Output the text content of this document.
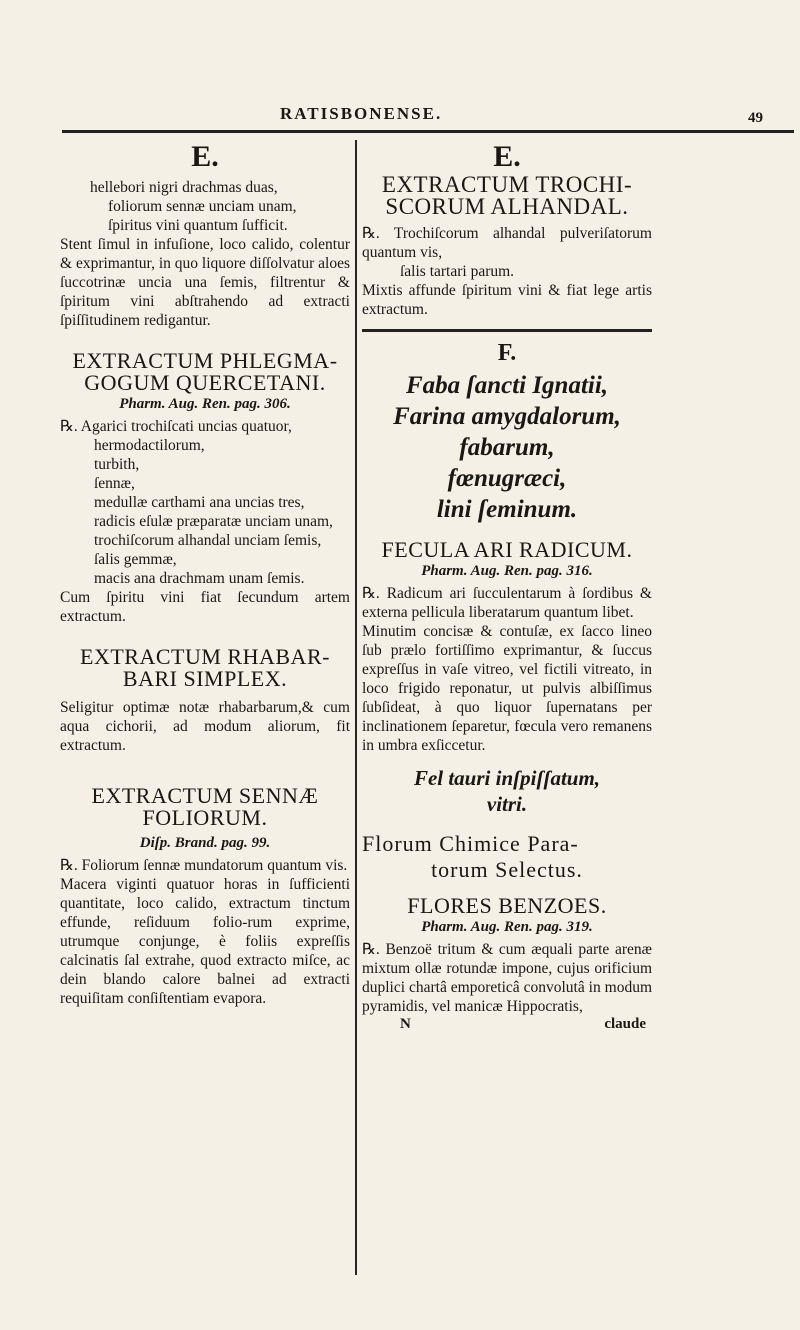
RATISBONENSE.	49
E.

hellebori nigri drachmas duas,

foliorum sennæ unciam unam,

ſpiritus vini quantum ſufficit.

Stent ſimul in infuſione, loco calido, colentur & exprimantur, in quo liquore diſſolvatur aloes ſuccotrinæ uncia una ſemis, filtrentur & ſpiritum vini abſtrahendo ad extracti ſpiſſitudinem redigantur.

EXTRACTUM PHLEGMA-

GOGUM QUERCETANI.

Pharm. Aug. Ren. pag. 306.

℞. Agarici trochiſcati uncias quatuor,

hermodactilorum,

turbith,

ſennæ,

medullæ carthami ana uncias tres,

radicis eſulæ præparatæ unciam unam,

trochiſcorum alhandal unciam ſemis,

ſalis gemmæ,

macis ana drachmam unam ſemis.

Cum ſpiritu vini fiat ſecundum artem extractum.

EXTRACTUM RHABAR-

BARI SIMPLEX.

Seligitur optimæ notæ rhabarbarum,& cum aqua cichorii, ad modum aliorum, fit extractum.

EXTRACTUM SENNÆ

FOLIORUM.

Diſp. Brand. pag. 99.

℞. Foliorum ſennæ mundatorum quantum vis.

Macera viginti quatuor horas in ſufficienti quantitate, loco calido, extractum tinctum effunde, reſiduum folio-rum exprime, utrumque conjunge, è foliis expreſſis calcinatis ſal extrahe, quod extracto miſce, ac dein blando calore balnei ad extracti requiſitam conſiſtentiam evapora.

E.

EXTRACTUM TROCHI-

SCORUM ALHANDAL.

℞. Trochiſcorum alhandal pulveriſatorum quantum vis,

ſalis tartari parum.

Mixtis affunde ſpiritum vini & fiat lege artis extractum.

F.
Faba ſancti Ignatii,
Farina amygdalorum,
fabarum,
fœnugræci,
lini ſeminum.

FECULA ARI RADICUM.

Pharm. Aug. Ren. pag. 316.

℞. Radicum ari ſucculentarum à ſordibus & externa pellicula liberatarum quantum libet.

Minutim concisæ & contuſæ, ex ſacco lineo ſub prælo fortiſſimo exprimantur, & ſuccus expreſſus in vaſe vitreo, vel fictili vitreato, in loco frigido reponatur, ut pulvis albiſſimus ſubſideat, à quo liquor ſupernatans per inclinationem ſeparetur, fœcula vero remanens in umbra exſiccetur.

Fel tauri inſpiſſatum,
vitri.
Florum Chimice Para-
torum Selectus.

FLORES BENZOES.

Pharm. Aug. Ren. pag. 319.

℞. Benzoë tritum & cum æquali parte arenæ mixtum ollæ rotundæ impone, cujus orificium duplici chartâ emporeticâ convolutâ in modum pyramidis, vel manicæ Hippocratis,

N	claude
